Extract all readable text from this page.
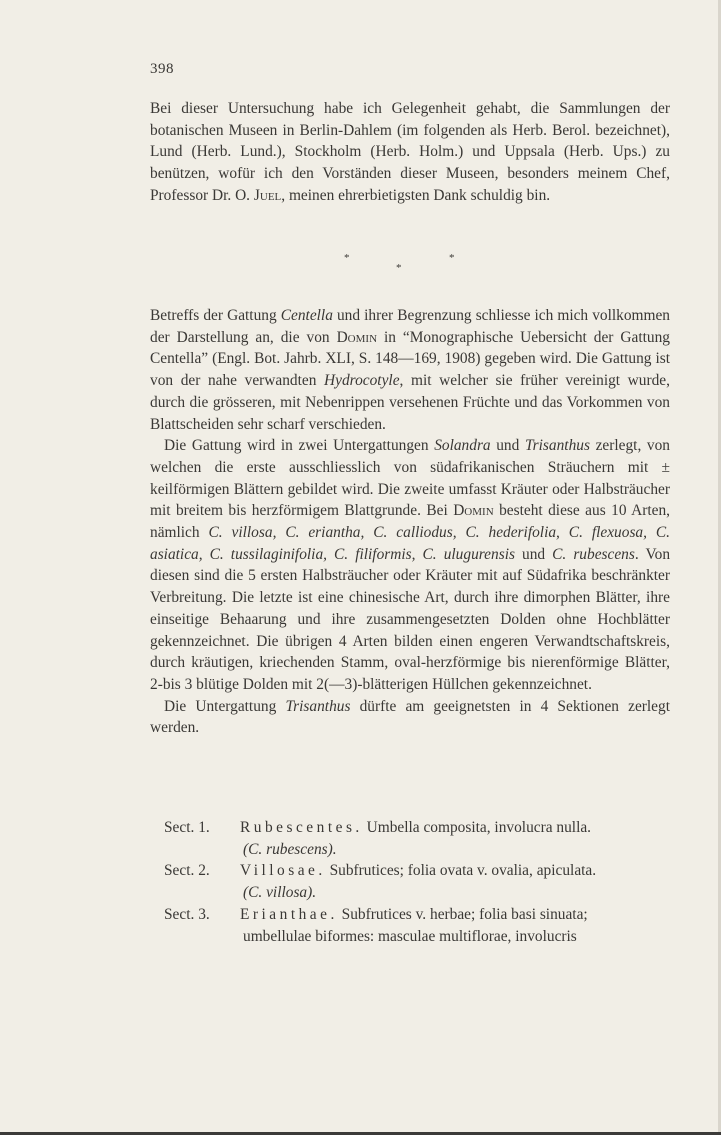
398

Bei dieser Untersuchung habe ich Gelegenheit gehabt, die Sammlungen der botanischen Museen in Berlin-Dahlem (im folgenden als Herb. Berol. bezeichnet), Lund (Herb. Lund.), Stockholm (Herb. Holm.) und Uppsala (Herb. Ups.) zu benützen, wofür ich den Vorständen dieser Museen, besonders meinem Chef, Professor Dr. O. Juel, meinen ehrerbietigsten Dank schuldig bin.

*	*
*

Betreffs der Gattung Centella und ihrer Begrenzung schliesse ich mich vollkommen der Darstellung an, die von Domin in “Monographische Uebersicht der Gattung Centella” (Engl. Bot. Jahrb. XLI, S. 148—169, 1908) gegeben wird. Die Gattung ist von der nahe verwandten Hydrocotyle, mit welcher sie früher vereinigt wurde, durch die grösseren, mit Nebenrippen versehenen Früchte und das Vorkommen von Blattscheiden sehr scharf verschieden.

Die Gattung wird in zwei Untergattungen Solandra und Trisanthus zerlegt, von welchen die erste ausschliesslich von südafrikanischen Sträuchern mit ± keilförmigen Blättern gebildet wird. Die zweite umfasst Kräuter oder Halbsträucher mit breitem bis herzförmigem Blattgrunde. Bei Domin besteht diese aus 10 Arten, nämlich C. villosa, C. eriantha, C. calliodus, C. hederifolia, C. flexuosa, C. asiatica, C. tussilaginifolia, C. filiformis, C. ulugurensis und C. rubescens. Von diesen sind die 5 ersten Halbsträucher oder Kräuter mit auf Südafrika beschränkter Verbreitung. Die letzte ist eine chinesische Art, durch ihre dimorphen Blätter, ihre einseitige Behaarung und ihre zusammengesetzten Dolden ohne Hochblätter gekennzeichnet. Die übrigen 4 Arten bilden einen engeren Verwandtschaftskreis, durch kräutigen, kriechenden Stamm, oval-herzförmige bis nierenförmige Blätter, 2-bis 3 blütige Dolden mit 2(—3)-blätterigen Hüllchen gekennzeichnet.

Die Untergattung Trisanthus dürfte am geeignetsten in 4 Sektionen zerlegt werden.

Sect. 1. Rubescentes. Umbella composita, involucra nulla.
(C. rubescens).
Sect. 2. Villosae. Subfrutices; folia ovata v. ovalia, apiculata.
(C. villosa).
Sect. 3. Erianthae. Subfrutices v. herbae; folia basi sinuata;
umbellulae biformes: masculae multiflorae, involucris
